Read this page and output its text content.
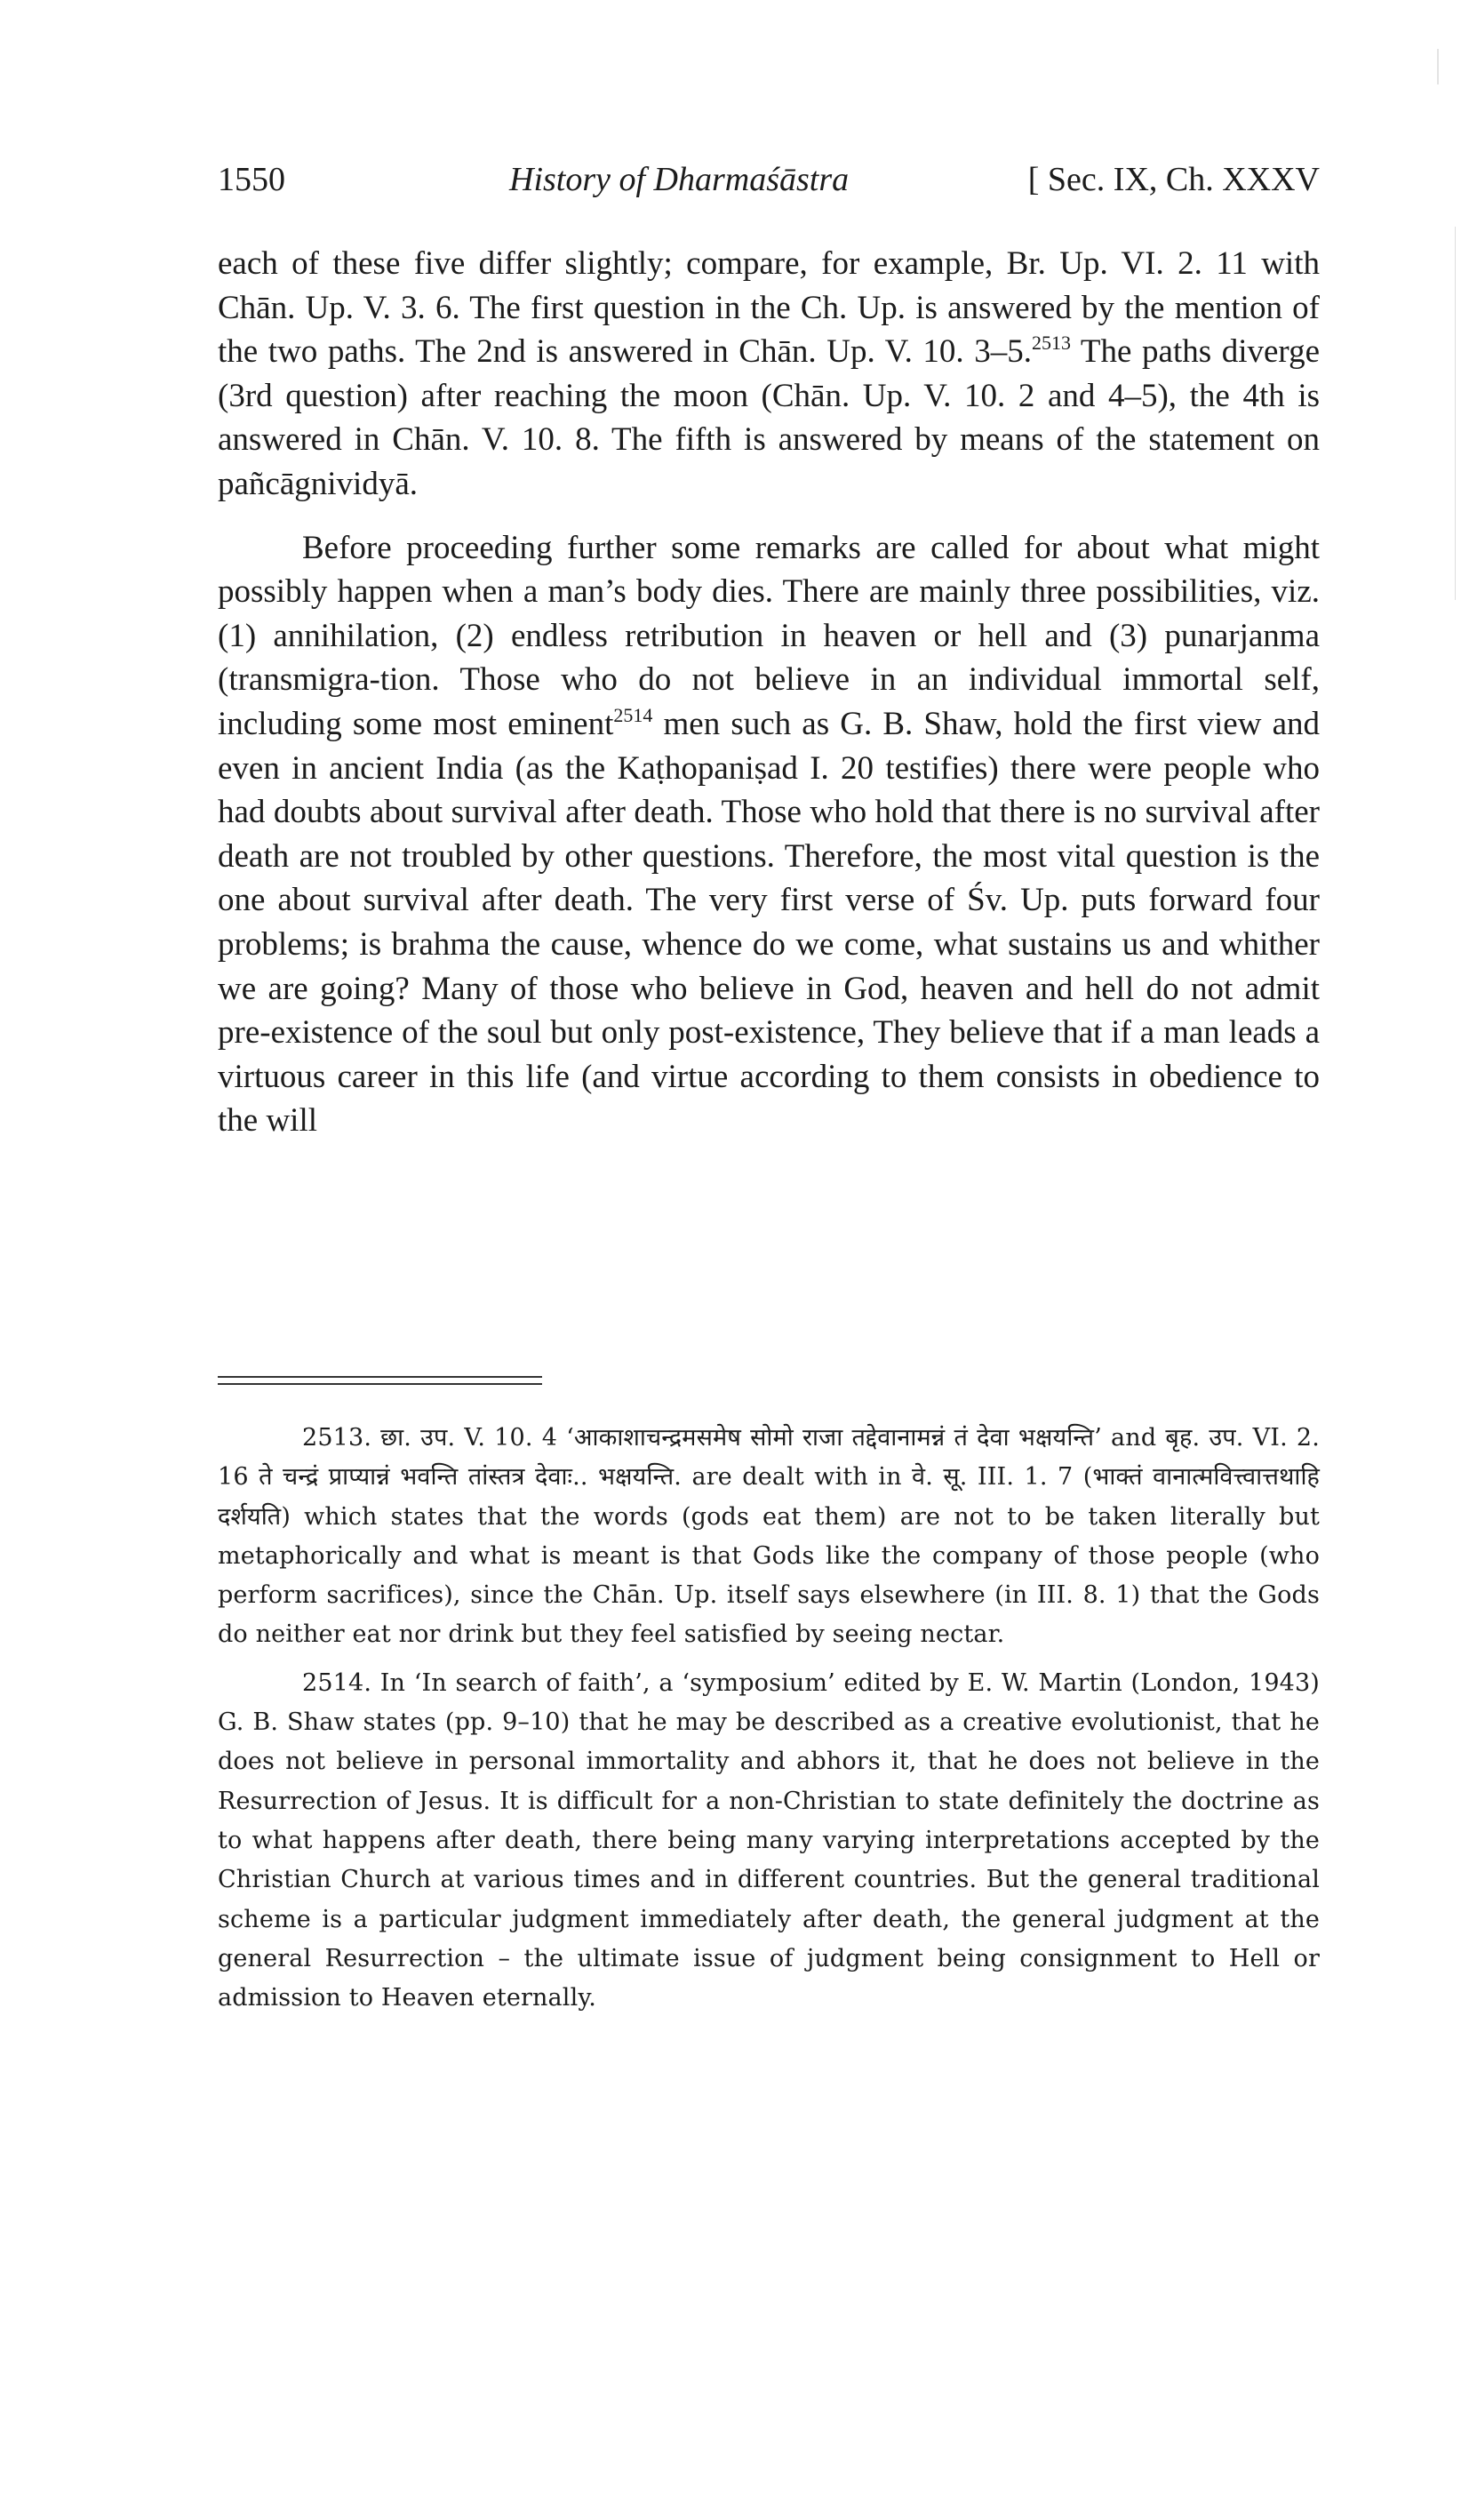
1550	History of Dharmaśāstra	[ Sec. IX, Ch. XXXV

each of these five differ slightly; compare, for example, Br. Up. VI. 2. 11 with Chān. Up. V. 3. 6. The first question in the Ch. Up. is answered by the mention of the two paths. The 2nd is answered in Chān. Up. V. 10. 3–5.$^{2513}$ The paths diverge (3rd question) after reaching the moon (Chān. Up. V. 10. 2 and 4–5), the 4th is answered in Chān. V. 10. 8. The fifth is answered by means of the statement on pañcāgnividyā.

Before proceeding further some remarks are called for about what might possibly happen when a man’s body dies. There are mainly three possibilities, viz. (1) annihilation, (2) endless retribution in heaven or hell and (3) punarjanma (transmigra-tion. Those who do not believe in an individual immortal self, including some most eminent$^{2514}$ men such as G. B. Shaw, hold the first view and even in ancient India (as the Kaṭhopaniṣad I. 20 testifies) there were people who had doubts about survival after death. Those who hold that there is no survival after death are not troubled by other questions. Therefore, the most vital question is the one about survival after death. The very first verse of Śv. Up. puts forward four problems; is brahma the cause, whence do we come, what sustains us and whither we are going? Many of those who believe in God, heaven and hell do not admit pre-existence of the soul but only post-existence, They believe that if a man leads a virtuous career in this life (and virtue according to them consists in obedience to the will

2513. छा. उप. V. 10. 4 ‘आकाशाचन्द्रमसमेष सोमो राजा तद्देवानामन्नं तं देवा भक्षयन्ति’ and बृह. उप. VI. 2. 16 ते चन्द्रं प्राप्यान्नं भवन्ति तांस्तत्र देवाः.. भक्षयन्ति. are dealt with in वे. सू. III. 1. 7 (भाक्तं वानात्मवित्त्वात्तथाहि दर्शयति) which states that the words (gods eat them) are not to be taken literally but metaphorically and what is meant is that Gods like the company of those people (who perform sacrifices), since the Chān. Up. itself says elsewhere (in III. 8. 1) that the Gods do neither eat nor drink but they feel satisfied by seeing nectar.

2514. In ‘In search of faith’, a ‘symposium’ edited by E. W. Martin (London, 1943) G. B. Shaw states (pp. 9–10) that he may be described as a creative evolutionist, that he does not believe in personal immortality and abhors it, that he does not believe in the Resurrection of Jesus. It is difficult for a non-Christian to state definitely the doctrine as to what happens after death, there being many varying interpretations accepted by the Christian Church at various times and in different countries. But the general traditional scheme is a particular judgment immediately after death, the general judgment at the general Resurrection – the ultimate issue of judgment being consignment to Hell or admission to Heaven eternally.
